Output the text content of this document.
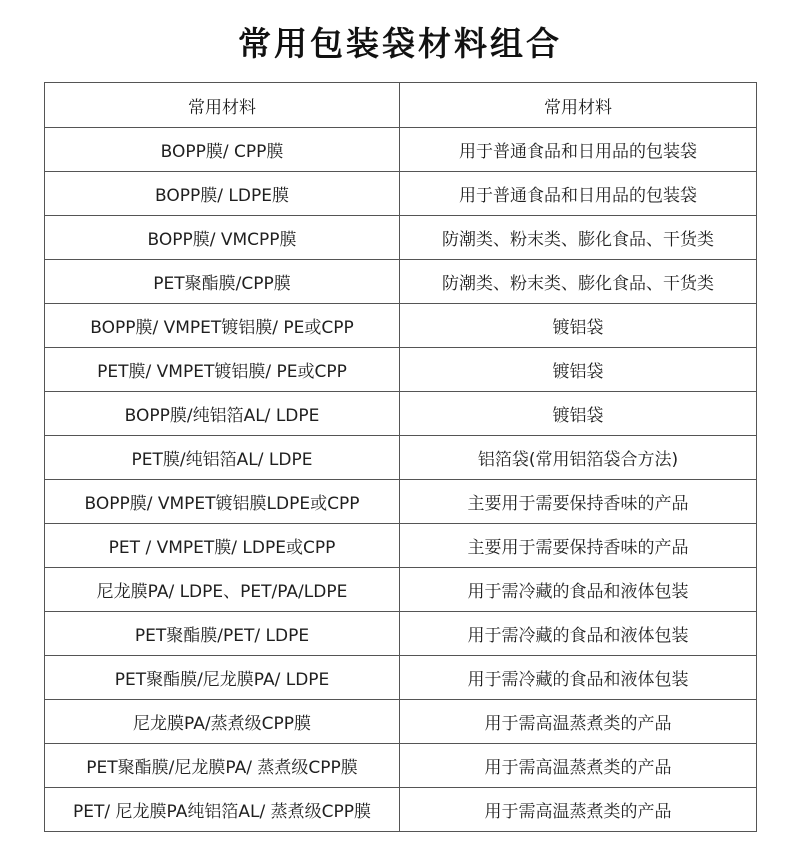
常用包装袋材料组合
常用材料	常用材料
BOPP膜/ CPP膜	用于普通食品和日用品的包装袋
BOPP膜/ LDPE膜	用于普通食品和日用品的包装袋
BOPP膜/ VMCPP膜	防潮类、粉末类、膨化食品、干货类
PET聚酯膜/CPP膜	防潮类、粉末类、膨化食品、干货类
BOPP膜/ VMPET镀铝膜/ PE或CPP	镀铝袋
PET膜/ VMPET镀铝膜/ PE或CPP	镀铝袋
BOPP膜/纯铝箔AL/ LDPE	镀铝袋
PET膜/纯铝箔AL/ LDPE	铝箔袋(常用铝箔袋合方法)
BOPP膜/ VMPET镀铝膜LDPE或CPP	主要用于需要保持香味的产品
PET / VMPET膜/ LDPE或CPP	主要用于需要保持香味的产品
尼龙膜PA/ LDPE、PET/PA/LDPE	用于需冷藏的食品和液体包装
PET聚酯膜/PET/ LDPE	用于需冷藏的食品和液体包装
PET聚酯膜/尼龙膜PA/ LDPE	用于需冷藏的食品和液体包装
尼龙膜PA/蒸煮级CPP膜	用于需高温蒸煮类的产品
PET聚酯膜/尼龙膜PA/ 蒸煮级CPP膜	用于需高温蒸煮类的产品
PET/ 尼龙膜PA纯铝箔AL/ 蒸煮级CPP膜	用于需高温蒸煮类的产品
